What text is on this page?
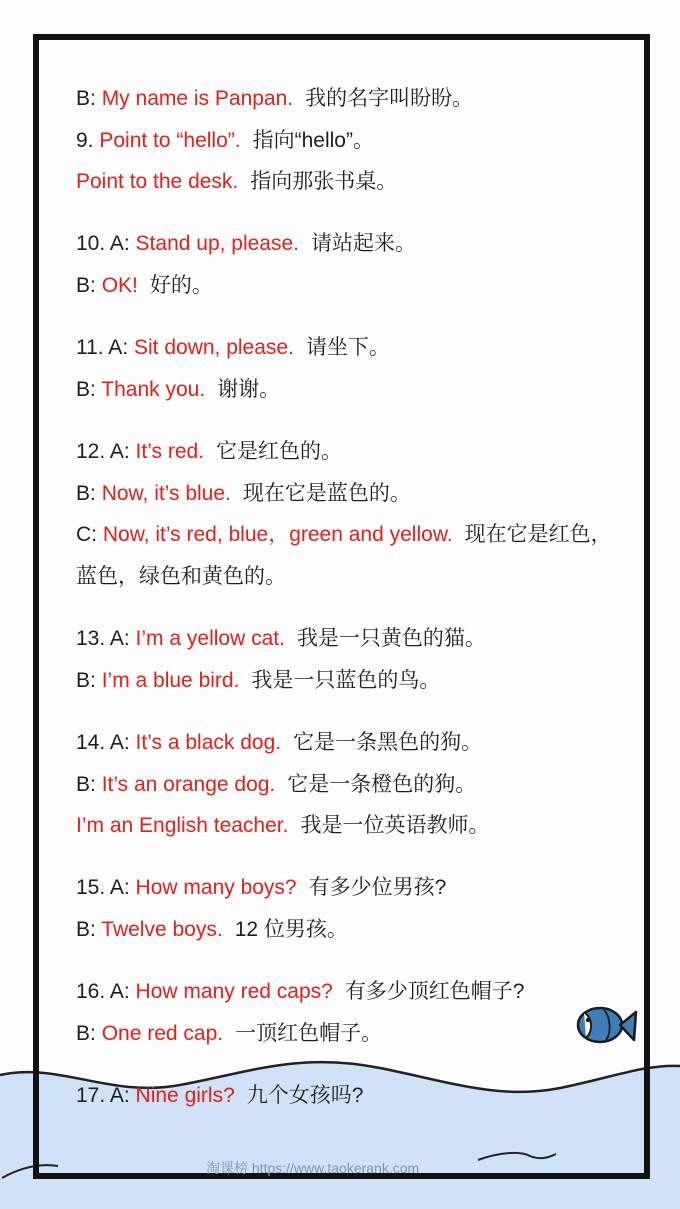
B: My name is Panpan. 我的名字叫盼盼。
9. Point to “hello”. 指向“hello”。
Point to the desk. 指向那张书桌。
10. A: Stand up, please. 请站起来。
B: OK! 好的。
11. A: Sit down, please. 请坐下。
B: Thank you. 谢谢。
12. A: It’s red. 它是红色的。
B: Now, it’s blue. 现在它是蓝色的。
C: Now, it’s red, blue，green and yellow. 现在它是红色，蓝色，绿色和黄色的。
13. A: I’m a yellow cat. 我是一只黄色的猫。
B: I’m a blue bird. 我是一只蓝色的鸟。
14. A: It’s a black dog. 它是一条黑色的狗。
B: It’s an orange dog. 它是一条橙色的狗。
I’m an English teacher. 我是一位英语教师。
15. A: How many boys? 有多少位男孩?
B: Twelve boys. 12 位男孩。
16. A: How many red caps? 有多少顶红色帽子?
B: One red cap. 一顶红色帽子。
17. A: Nine girls? 九个女孩吗?
淘课榜 https://www.taokerank.com
